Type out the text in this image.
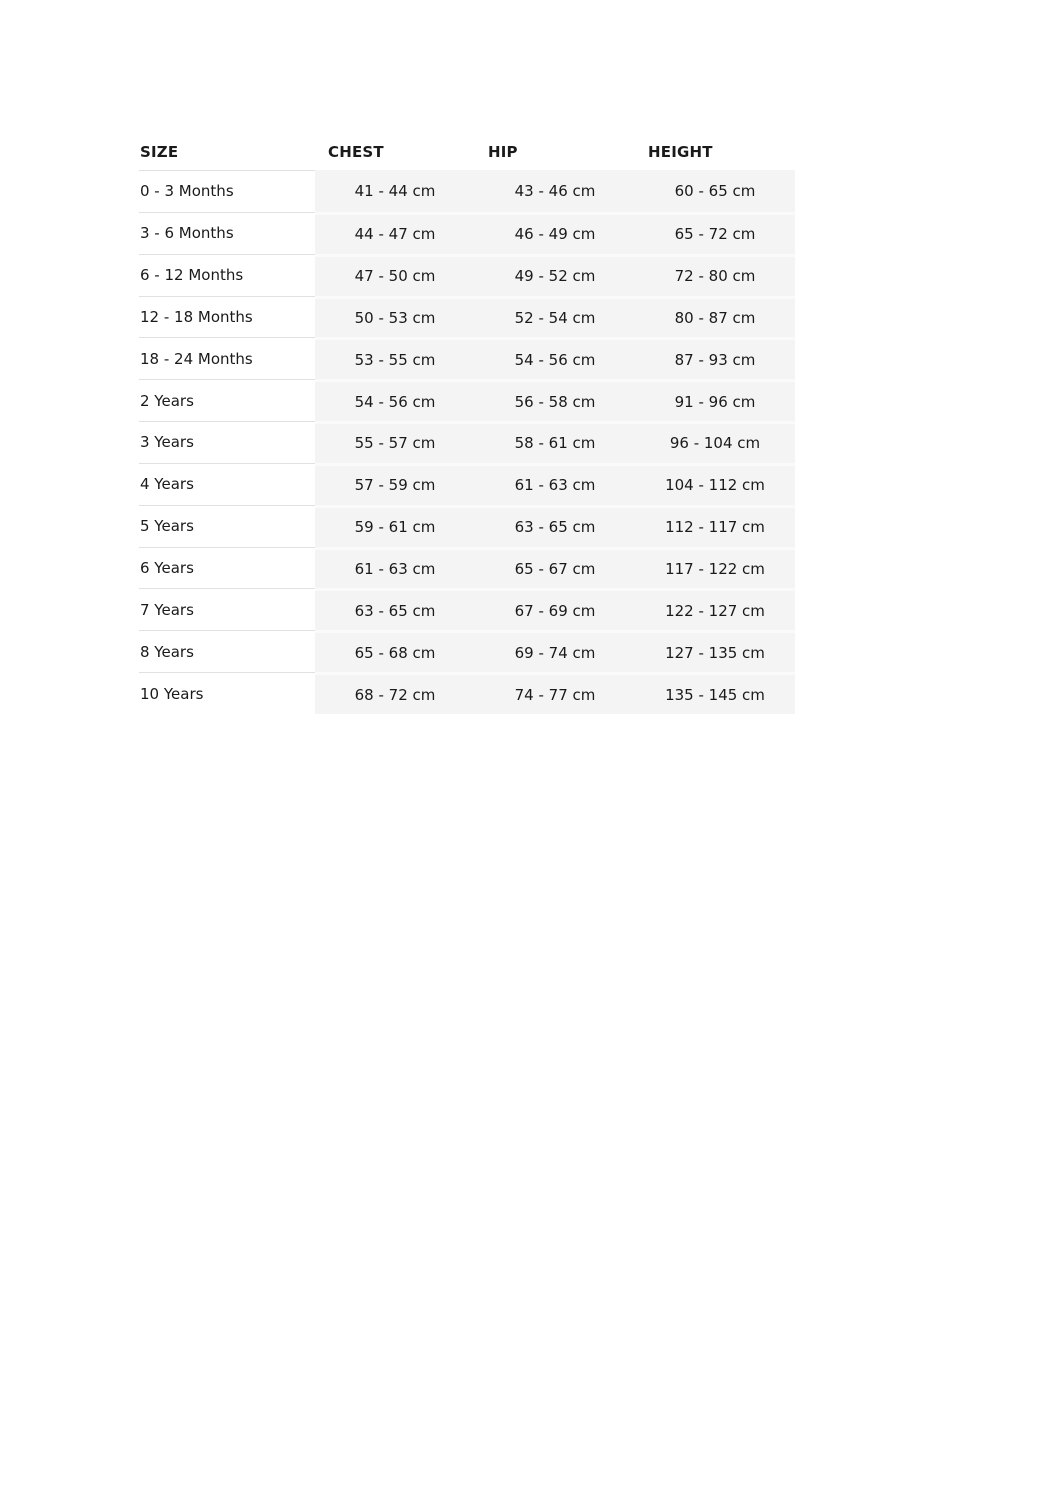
SIZE	CHEST	HIP	HEIGHT
0 - 3 Months	41 - 44 cm	43 - 46 cm	60 - 65 cm
3 - 6 Months	44 - 47 cm	46 - 49 cm	65 - 72 cm
6 - 12 Months	47 - 50 cm	49 - 52 cm	72 - 80 cm
12 - 18 Months	50 - 53 cm	52 - 54 cm	80 - 87 cm
18 - 24 Months	53 - 55 cm	54 - 56 cm	87 - 93 cm
2 Years	54 - 56 cm	56 - 58 cm	91 - 96 cm
3 Years	55 - 57 cm	58 - 61 cm	96 - 104 cm
4 Years	57 - 59 cm	61 - 63 cm	104 - 112 cm
5 Years	59 - 61 cm	63 - 65 cm	112 - 117 cm
6 Years	61 - 63 cm	65 - 67 cm	117 - 122 cm
7 Years	63 - 65 cm	67 - 69 cm	122 - 127 cm
8 Years	65 - 68 cm	69 - 74 cm	127 - 135 cm
10 Years	68 - 72 cm	74 - 77 cm	135 - 145 cm
